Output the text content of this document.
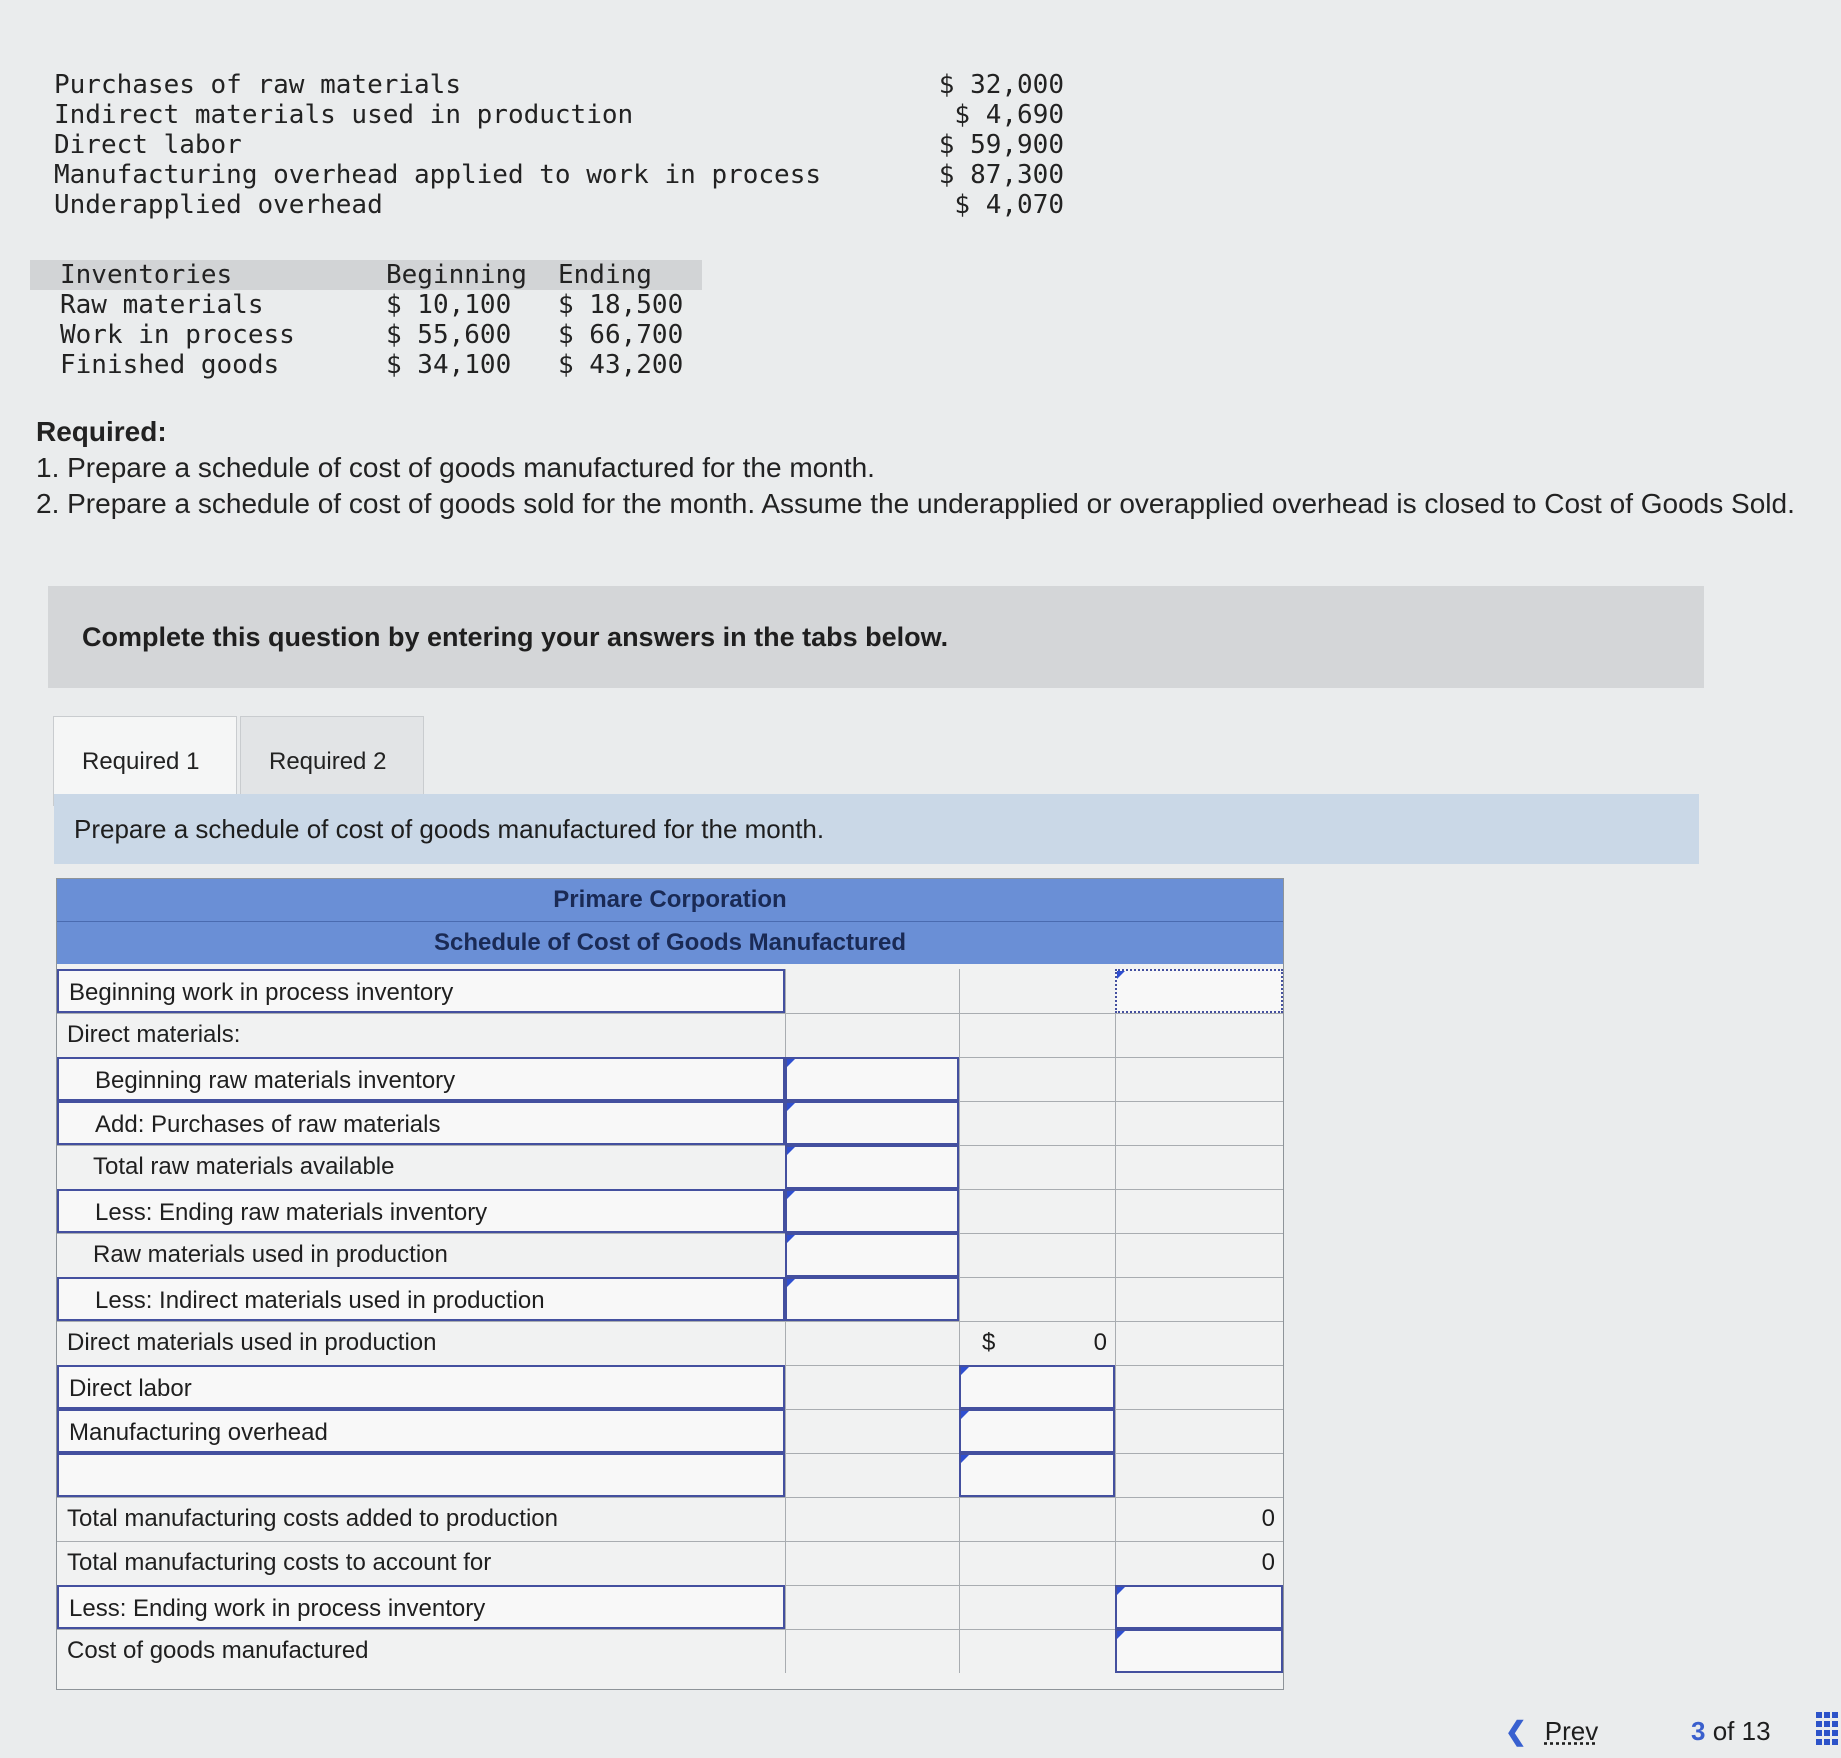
Purchases of raw materials	$ 32,000
Indirect materials used in production	$ 4,690
Direct labor	$ 59,900
Manufacturing overhead applied to work in process	$ 87,300
Underapplied overhead	$ 4,070
Inventories	Beginning	Ending
Raw materials	$ 10,100	$ 18,500
Work in process	$ 55,600	$ 66,700
Finished goods	$ 34,100	$ 43,200
Required:
1. Prepare a schedule of cost of goods manufactured for the month.
2. Prepare a schedule of cost of goods sold for the month. Assume the underapplied or overapplied overhead is closed to Cost of Goods Sold.
Complete this question by entering your answers in the tabs below.
Required 1	Required 2
Prepare a schedule of cost of goods manufactured for the month.
Primare Corporation
Schedule of Cost of Goods Manufactured
Beginning work in process inventory
Direct materials:
Beginning raw materials inventory
Add: Purchases of raw materials
Total raw materials available
Less: Ending raw materials inventory
Raw materials used in production
Less: Indirect materials used in production
Direct materials used in production	$	0
Direct labor
Manufacturing overhead
Total manufacturing costs added to production	0
Total manufacturing costs to account for	0
Less: Ending work in process inventory
Cost of goods manufactured
❮ Prev	3 of 13
